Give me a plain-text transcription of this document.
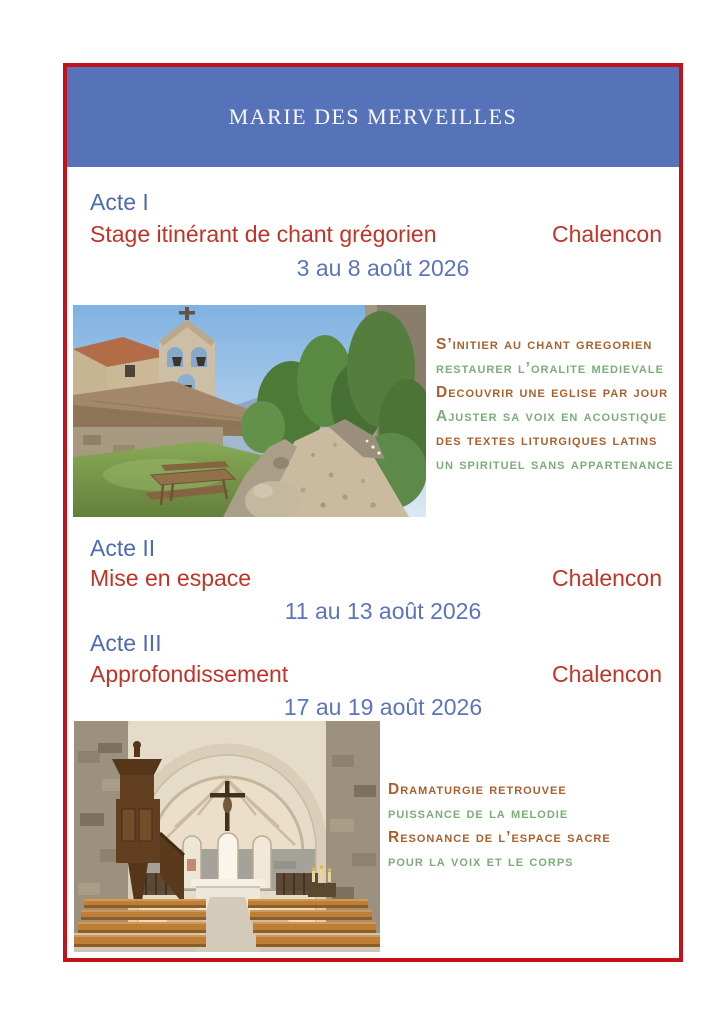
MARIE DES MERVEILLES
Acte I
Stage itinérant de chant grégorien	Chalencon
3 au 8 août 2026
S’initier au chant gregorien
restaurer l’oralite medievale
Decouvrir une eglise par jour
Ajuster sa voix en acoustique
des textes liturgiques latins
un spirituel sans appartenance
Acte II
Mise en espace	Chalencon
11 au 13 août 2026
Acte III
Approfondissement	Chalencon
17 au 19 août 2026
Dramaturgie retrouvee
puissance de la melodie
Resonance de l’espace sacre
pour la voix et le corps
